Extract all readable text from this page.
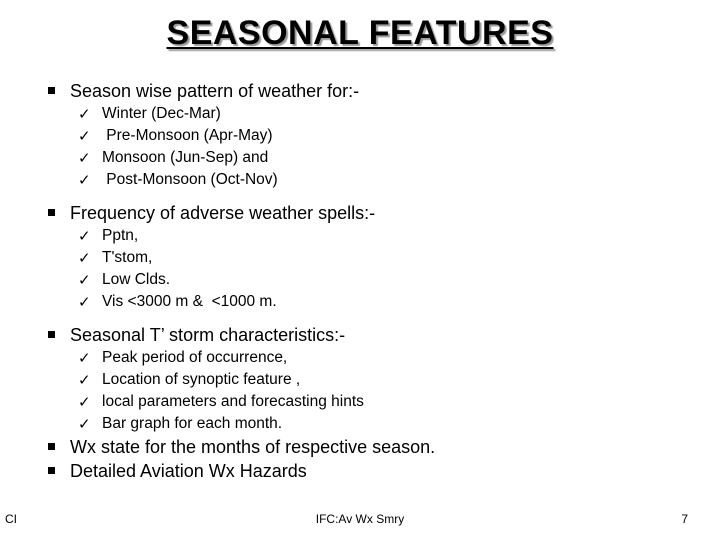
SEASONAL FEATURES
Season wise pattern of weather for:-
✓ Winter (Dec-Mar)
✓ Pre-Monsoon (Apr-May)
✓ Monsoon (Jun-Sep) and
✓ Post-Monsoon (Oct-Nov)
Frequency of adverse weather spells:-
✓ Pptn,
✓ T'stom,
✓ Low Clds.
✓ Vis <3000 m &  <1000 m.
Seasonal T’ storm characteristics:-
✓ Peak period of occurrence,
✓ Location of synoptic feature ,
✓ local parameters and forecasting hints
✓ Bar graph for each month.
Wx state for the months of respective season.
Detailed Aviation Wx Hazards
CI	IFC:Av Wx Smry	7
